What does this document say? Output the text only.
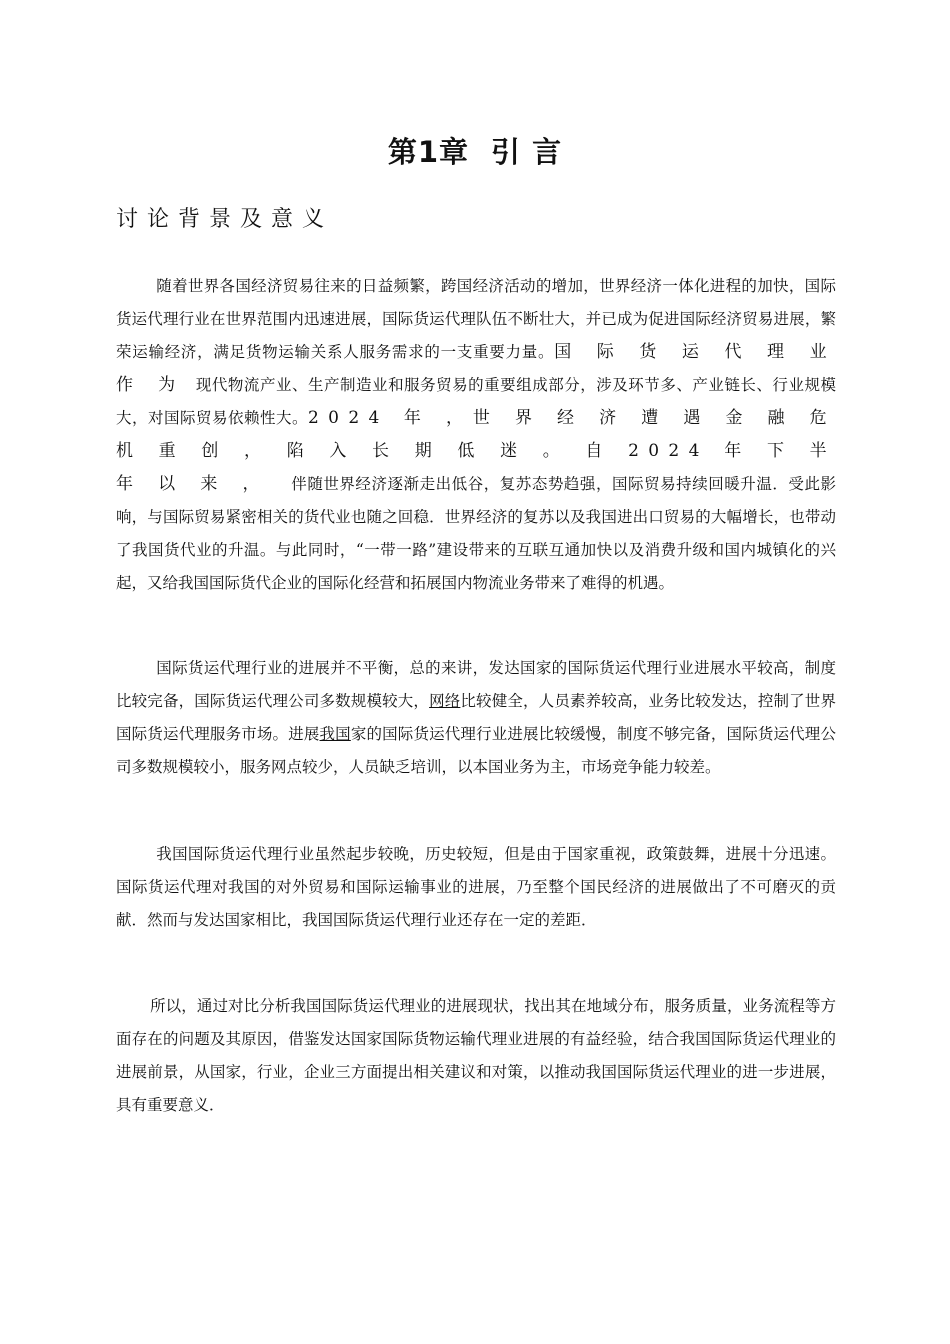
第1章 引 言
讨论背景及意义

随着世界各国经济贸易往来的日益频繁，跨国经济活动的增加，世界经济一体化进程的加快，国际货运代理行业在世界范围内迅速进展，国际货运代理队伍不断壮大，并已成为促进国际经济贸易进展，繁荣运输经济，满足货物运输关系人服务需求的一支重要力量。国 际 货 运 代 理 业 作 为 现代物流产业、生产制造业和服务贸易的重要组成部分，涉及环节多、产业链长、行业规模大，对国际贸易依赖性大。2024 年 ，世 界 经 济 遭 遇 金 融 危 机 重 创 ， 陷 入 长 期 低 迷 。 自 2024 年 下 半 年 以 来 ， 伴随世界经济逐渐走出低谷，复苏态势趋强，国际贸易持续回暖升温．受此影响，与国际贸易紧密相关的货代业也随之回稳．世界经济的复苏以及我国进出口贸易的大幅增长，也带动了我国货代业的升温。与此同时，“一带一路”建设带来的互联互通加快以及消费升级和国内城镇化的兴起，又给我国国际货代企业的国际化经营和拓展国内物流业务带来了难得的机遇。

国际货运代理行业的进展并不平衡，总的来讲，发达国家的国际货运代理行业进展水平较高，制度比较完备，国际货运代理公司多数规模较大，网络比较健全，人员素养较高，业务比较发达，控制了世界国际货运代理服务市场。进展我国家的国际货运代理行业进展比较缓慢，制度不够完备，国际货运代理公司多数规模较小，服务网点较少，人员缺乏培训，以本国业务为主，市场竞争能力较差。

我国国际货运代理行业虽然起步较晚，历史较短，但是由于国家重视，政策鼓舞，进展十分迅速。国际货运代理对我国的对外贸易和国际运输事业的进展，乃至整个国民经济的进展做出了不可磨灭的贡献．然而与发达国家相比，我国国际货运代理行业还存在一定的差距．

所以，通过对比分析我国国际货运代理业的进展现状，找出其在地域分布，服务质量，业务流程等方面存在的问题及其原因，借鉴发达国家国际货物运输代理业进展的有益经验，结合我国国际货运代理业的进展前景，从国家，行业，企业三方面提出相关建议和对策，以推动我国国际货运代理业的进一步进展，具有重要意义．
